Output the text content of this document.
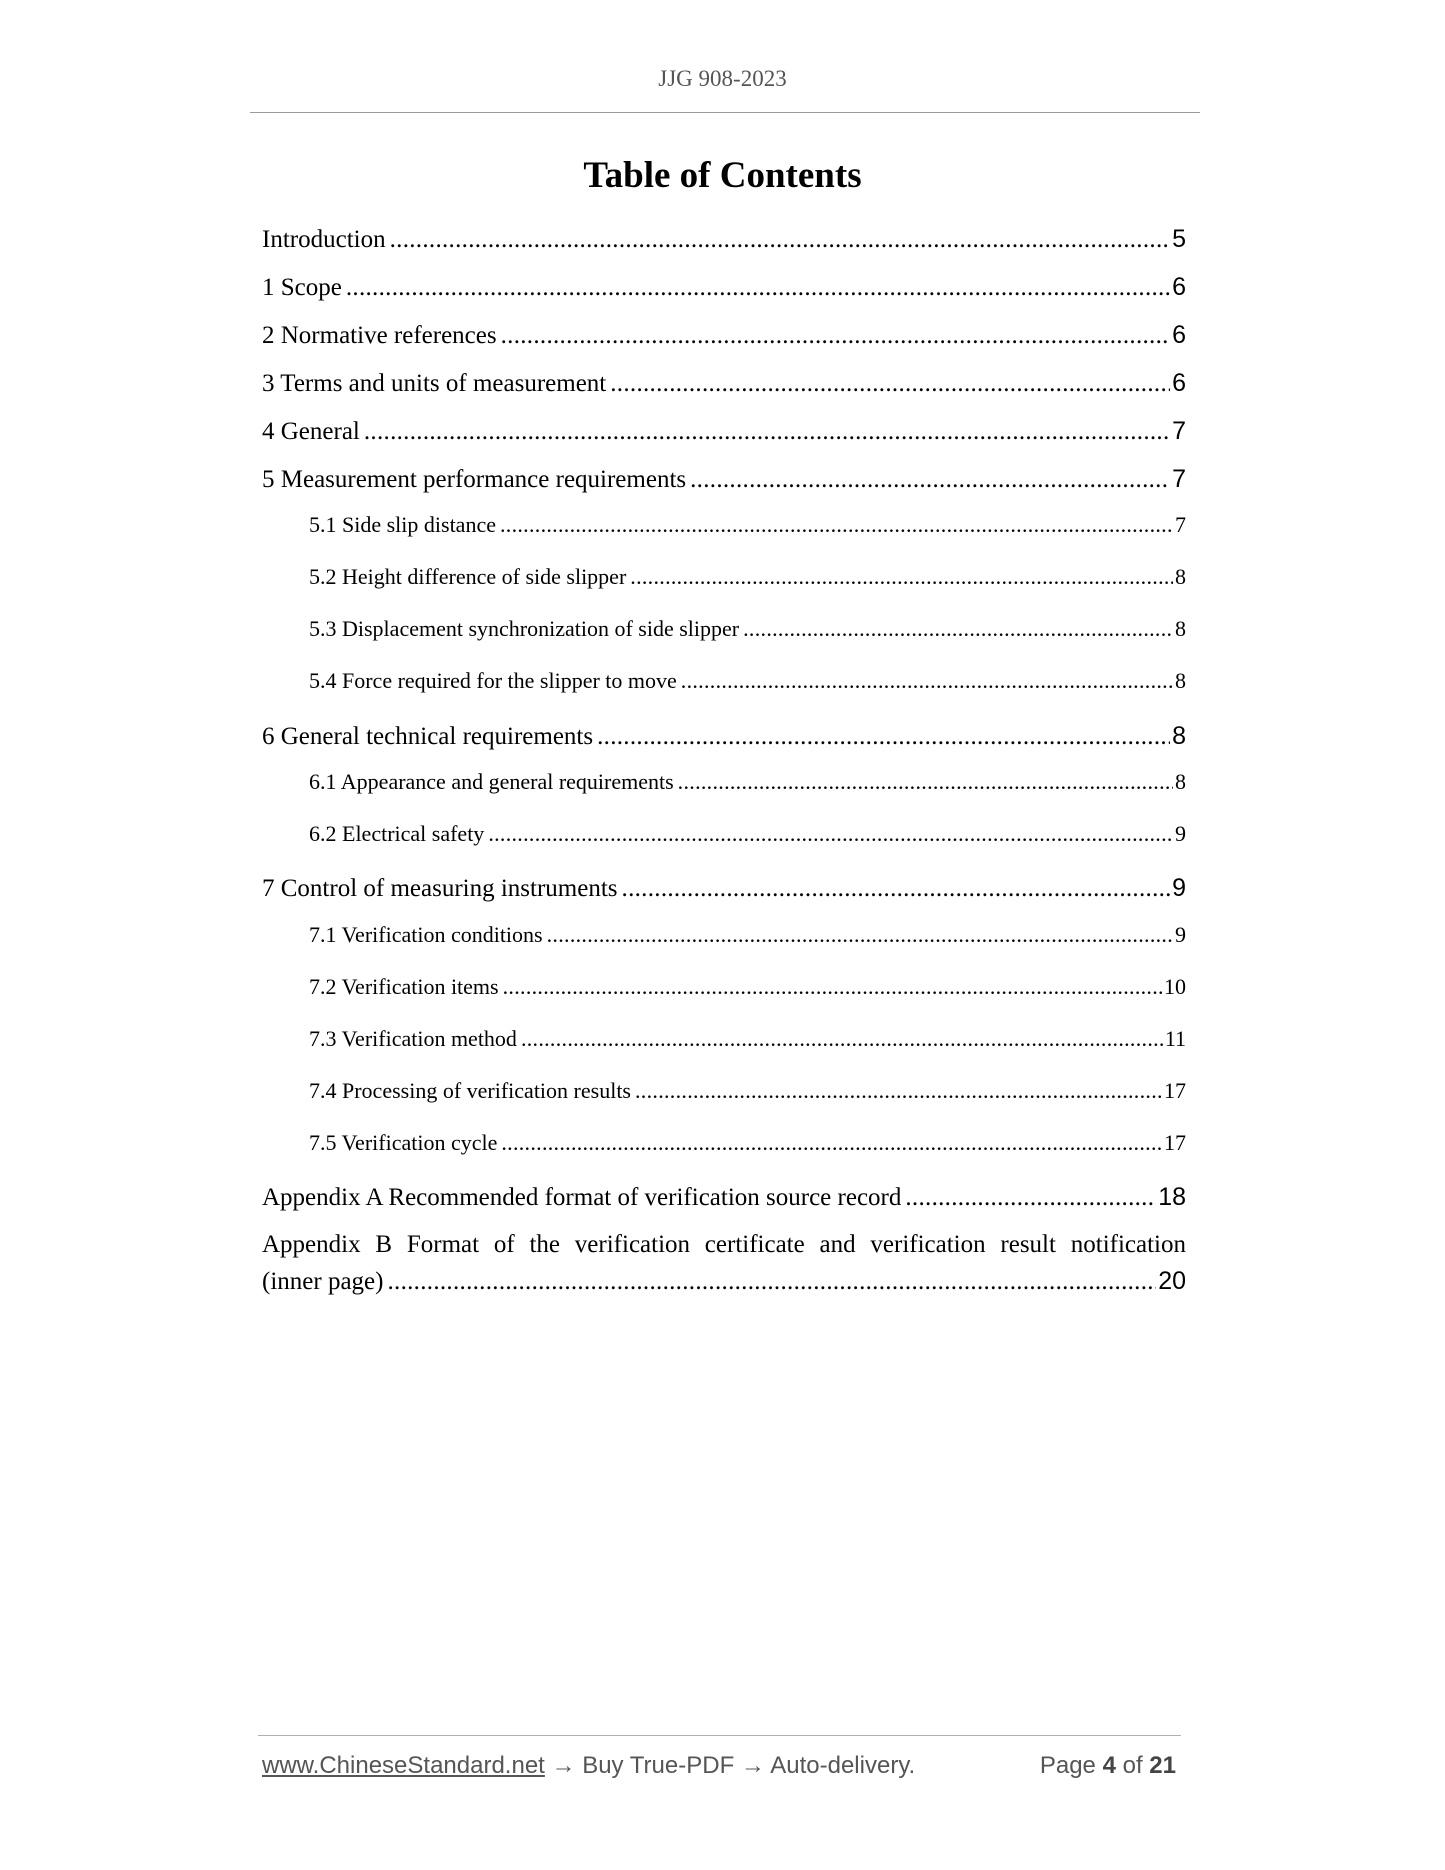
JJG 908-2023
Table of Contents
Introduction .....	5
1 Scope .....	6
2 Normative references .....	6
3 Terms and units of measurement .....	6
4 General .....	7
5 Measurement performance requirements .....	7
5.1 Side slip distance .....	7
5.2 Height difference of side slipper .....	8
5.3 Displacement synchronization of side slipper .....	8
5.4 Force required for the slipper to move .....	8
6 General technical requirements .....	8
6.1 Appearance and general requirements .....	8
6.2 Electrical safety .....	9
7 Control of measuring instruments .....	9
7.1 Verification conditions .....	9
7.2 Verification items .....	10
7.3 Verification method .....	11
7.4 Processing of verification results .....	17
7.5 Verification cycle .....	17
Appendix A Recommended format of verification source record .....	18
Appendix B Format of the verification certificate and verification result notification
(inner page) .....	20
www.ChineseStandard.net → Buy True-PDF → Auto-delivery.	Page 4 of 21
